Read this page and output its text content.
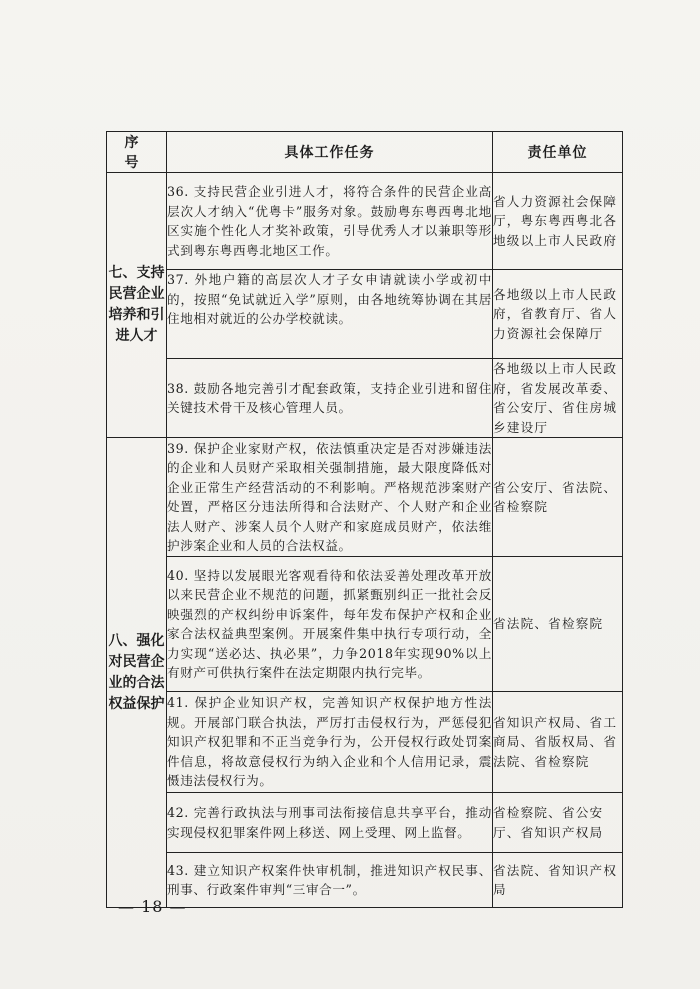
序 号	具体工作任务	责任单位
七、支持民营企业培养和引进人才	36. 支持民营企业引进人才，将符合条件的民营企业高层次人才纳入“优粤卡”服务对象。鼓励粤东粤西粤北地区实施个性化人才奖补政策，引导优秀人才以兼职等形式到粤东粤西粤北地区工作。	省人力资源社会保障厅，粤东粤西粤北各地级以上市人民政府
	37. 外地户籍的高层次人才子女申请就读小学或初中的，按照“免试就近入学”原则，由各地统筹协调在其居住地相对就近的公办学校就读。	各地级以上市人民政府，省教育厅、省人力资源社会保障厅
	38. 鼓励各地完善引才配套政策，支持企业引进和留住关键技术骨干及核心管理人员。	各地级以上市人民政府，省发展改革委、省公安厅、省住房城乡建设厅
八、强化对民营企业的合法权益保护	39. 保护企业家财产权，依法慎重决定是否对涉嫌违法的企业和人员财产采取相关强制措施，最大限度降低对企业正常生产经营活动的不利影响。严格规范涉案财产处置，严格区分违法所得和合法财产、个人财产和企业法人财产、涉案人员个人财产和家庭成员财产，依法维护涉案企业和人员的合法权益。	省公安厅、省法院、省检察院
	40. 坚持以发展眼光客观看待和依法妥善处理改革开放以来民营企业不规范的问题，抓紧甄别纠正一批社会反映强烈的产权纠纷申诉案件，每年发布保护产权和企业家合法权益典型案例。开展案件集中执行专项行动，全力实现“送必达、执必果”，力争2018年实现90%以上有财产可供执行案件在法定期限内执行完毕。	省法院、省检察院
	41. 保护企业知识产权，完善知识产权保护地方性法规。开展部门联合执法，严厉打击侵权行为，严惩侵犯知识产权犯罪和不正当竞争行为，公开侵权行政处罚案件信息，将故意侵权行为纳入企业和个人信用记录，震慑违法侵权行为。	省知识产权局、省工商局、省版权局、省法院、省检察院
	42. 完善行政执法与刑事司法衔接信息共享平台，推动实现侵权犯罪案件网上移送、网上受理、网上监督。	省检察院、省公安厅、省知识产权局
	43. 建立知识产权案件快审机制，推进知识产权民事、刑事、行政案件审判“三审合一”。	省法院、省知识产权局
— 18 —
